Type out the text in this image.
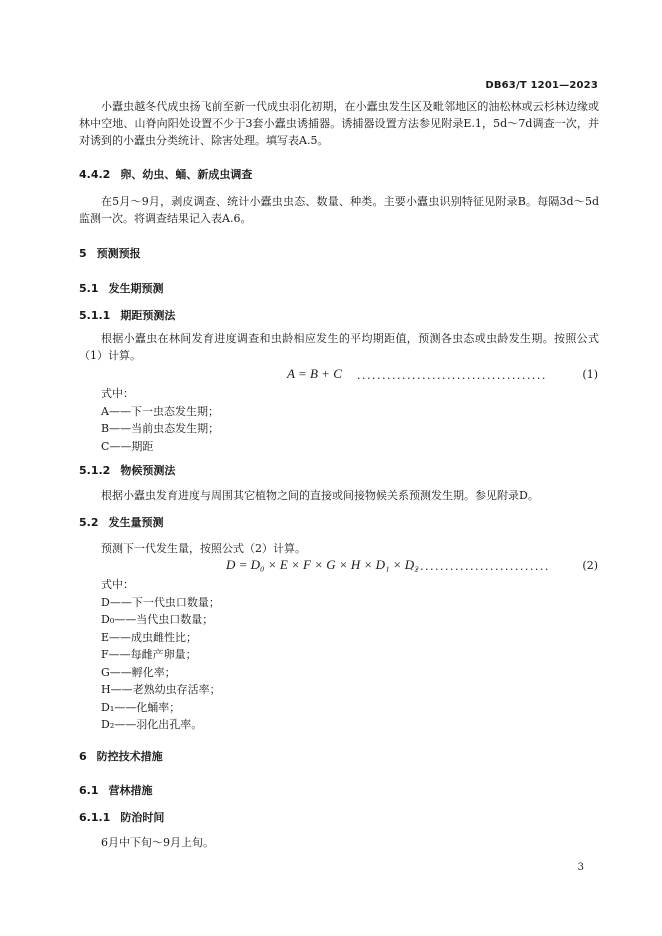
DB63/T 1201—2023

小蠹虫越冬代成虫扬飞前至新一代成虫羽化初期，在小蠹虫发生区及毗邻地区的油松林或云杉林边缘或林中空地、山脊向阳处设置不少于3套小蠹虫诱捕器。诱捕器设置方法参见附录E.1，5d～7d调查一次，并对诱到的小蠹虫分类统计、除害处理。填写表A.5。

4.4.2 卵、幼虫、蛹、新成虫调查

在5月～9月，剥皮调查、统计小蠹虫虫态、数量、种类。主要小蠹虫识别特征见附录B。每隔3d～5d监测一次。将调查结果记入表A.6。

5 预测预报

5.1 发生期预测

5.1.1 期距预测法

根据小蠹虫在林间发育进度调查和虫龄相应发生的平均期距值，预测各虫态或虫龄发生期。按照公式（1）计算。

A = B + C ......................................	(1)
式中：
A——下一虫态发生期；
B——当前虫态发生期；
C——期距

5.1.2 物候预测法

根据小蠹虫发育进度与周围其它植物之间的直接或间接物候关系预测发生期。参见附录D。

5.2 发生量预测

预测下一代发生量，按照公式（2）计算。

D = D₀ × E × F × G × H × D₁ × D₂
............................	(2)
式中：
D——下一代虫口数量；
D₀——当代虫口数量；
E——成虫雌性比；
F——每雌产卵量；
G——孵化率；
H——老熟幼虫存活率；
D₁——化蛹率；
D₂——羽化出孔率。

6 防控技术措施

6.1 营林措施

6.1.1 防治时间

6月中下旬～9月上旬。

3
